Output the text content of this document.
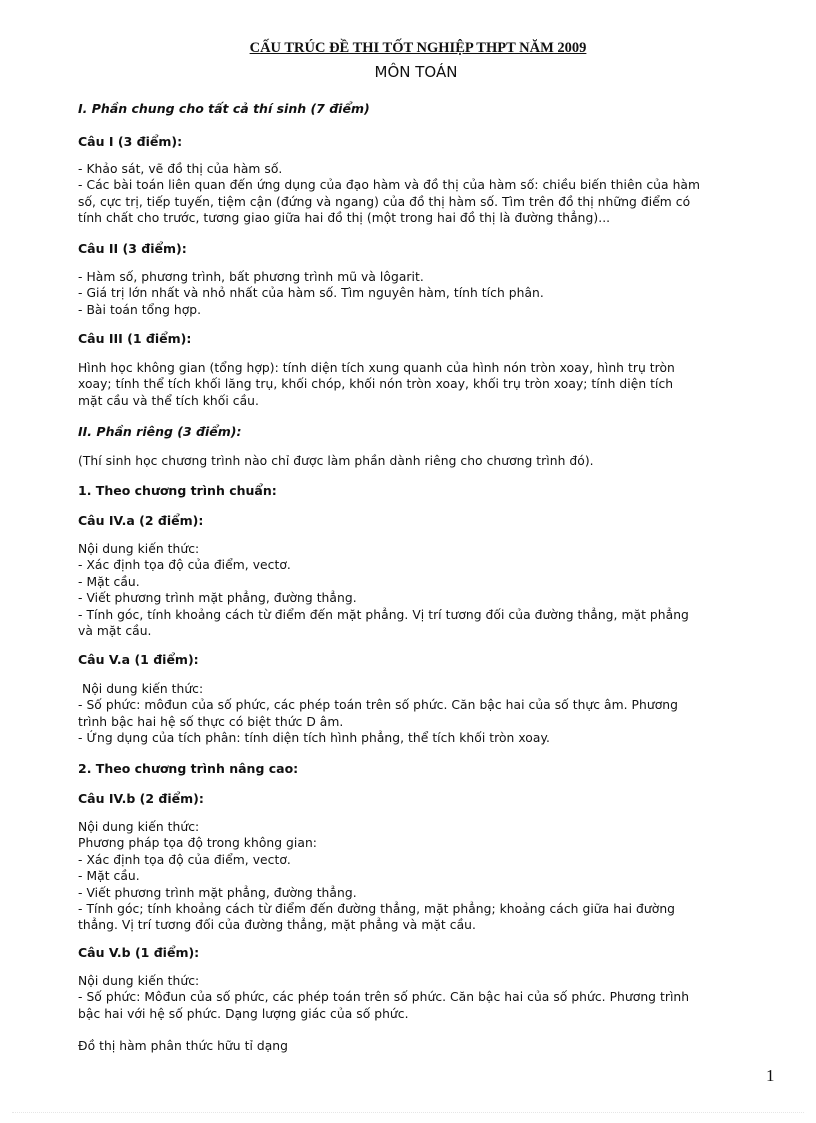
CẤU TRÚC ĐỀ THI TỐT NGHIỆP THPT NĂM 2009
MÔN TOÁN

I. Phần chung cho tất cả thí sinh (7 điểm)

Câu I (3 điểm):

- Khảo sát, vẽ đồ thị của hàm số.

- Các bài toán liên quan đến ứng dụng của đạo hàm và đồ thị của hàm số: chiều biến thiên của hàm

số, cực trị, tiếp tuyến, tiệm cận (đứng và ngang) của đồ thị hàm số. Tìm trên đồ thị những điểm có

tính chất cho trước, tương giao giữa hai đồ thị (một trong hai đồ thị là đường thẳng)...

Câu II (3 điểm):

- Hàm số, phương trình, bất phương trình mũ và lôgarit.

- Giá trị lớn nhất và nhỏ nhất của hàm số. Tìm nguyên hàm, tính tích phân.

- Bài toán tổng hợp.

Câu III (1 điểm):

Hình học không gian (tổng hợp): tính diện tích xung quanh của hình nón tròn xoay, hình trụ tròn

xoay; tính thể tích khối lăng trụ, khối chóp, khối nón tròn xoay, khối trụ tròn xoay; tính diện tích

mặt cầu và thể tích khối cầu.

II. Phần riêng (3 điểm):

(Thí sinh học chương trình nào chỉ được làm phần dành riêng cho chương trình đó).

1. Theo chương trình chuẩn:

Câu IV.a (2 điểm):

Nội dung kiến thức:

- Xác định tọa độ của điểm, vectơ.

- Mặt cầu.

- Viết phương trình mặt phẳng, đường thẳng.

- Tính góc, tính khoảng cách từ điểm đến mặt phẳng. Vị trí tương đối của đường thẳng, mặt phẳng

và mặt cầu.

Câu V.a (1 điểm):

Nội dung kiến thức:

- Số phức: môđun của số phức, các phép toán trên số phức. Căn bậc hai của số thực âm. Phương

trình bậc hai hệ số thực có biệt thức D âm.

- Ứng dụng của tích phân: tính diện tích hình phẳng, thể tích khối tròn xoay.

2. Theo chương trình nâng cao:

Câu IV.b (2 điểm):

Nội dung kiến thức:

Phương pháp tọa độ trong không gian:

- Xác định tọa độ của điểm, vectơ.

- Mặt cầu.

- Viết phương trình mặt phẳng, đường thẳng.

- Tính góc; tính khoảng cách từ điểm đến đường thẳng, mặt phẳng; khoảng cách giữa hai đường

thẳng. Vị trí tương đối của đường thẳng, mặt phẳng và mặt cầu.

Câu V.b (1 điểm):

Nội dung kiến thức:

- Số phức: Môđun của số phức, các phép toán trên số phức. Căn bậc hai của số phức. Phương trình

bậc hai với hệ số phức. Dạng lượng giác của số phức.

Đồ thị hàm phân thức hữu tỉ dạng

1
